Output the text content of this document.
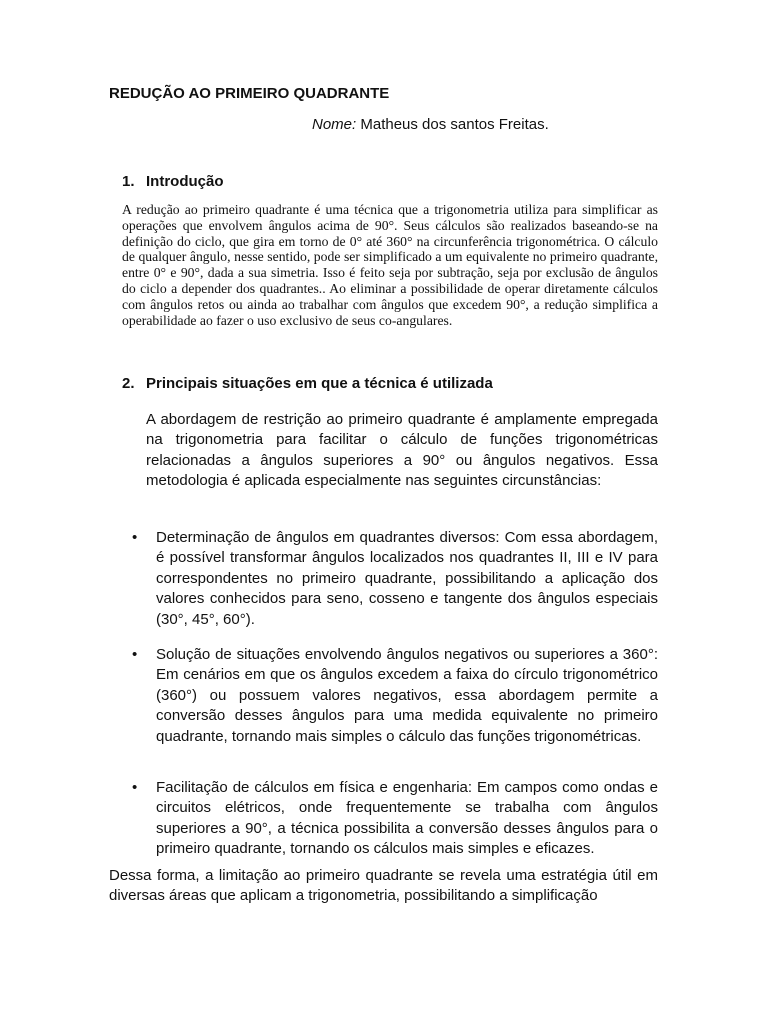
REDUÇÃO AO PRIMEIRO QUADRANTE
Nome: Matheus dos santos Freitas.
1. Introdução
A redução ao primeiro quadrante é uma técnica que a trigonometria utiliza para simplificar as operações que envolvem ângulos acima de 90°. Seus cálculos são realizados baseando-se na definição do ciclo, que gira em torno de 0° até 360° na circunferência trigonométrica. O cálculo de qualquer ângulo, nesse sentido, pode ser simplificado a um equivalente no primeiro quadrante, entre 0° e 90°, dada a sua simetria. Isso é feito seja por subtração, seja por exclusão de ângulos do ciclo a depender dos quadrantes.. Ao eliminar a possibilidade de operar diretamente cálculos com ângulos retos ou ainda ao trabalhar com ângulos que excedem 90°, a redução simplifica a operabilidade ao fazer o uso exclusivo de seus co-angulares.
2. Principais situações em que a técnica é utilizada
A abordagem de restrição ao primeiro quadrante é amplamente empregada na trigonometria para facilitar o cálculo de funções trigonométricas relacionadas a ângulos superiores a 90° ou ângulos negativos. Essa metodologia é aplicada especialmente nas seguintes circunstâncias:
• Determinação de ângulos em quadrantes diversos: Com essa abordagem, é possível transformar ângulos localizados nos quadrantes II, III e IV para correspondentes no primeiro quadrante, possibilitando a aplicação dos valores conhecidos para seno, cosseno e tangente dos ângulos especiais (30°, 45°, 60°).
• Solução de situações envolvendo ângulos negativos ou superiores a 360°: Em cenários em que os ângulos excedem a faixa do círculo trigonométrico (360°) ou possuem valores negativos, essa abordagem permite a conversão desses ângulos para uma medida equivalente no primeiro quadrante, tornando mais simples o cálculo das funções trigonométricas.
• Facilitação de cálculos em física e engenharia: Em campos como ondas e circuitos elétricos, onde frequentemente se trabalha com ângulos superiores a 90°, a técnica possibilita a conversão desses ângulos para o primeiro quadrante, tornando os cálculos mais simples e eficazes.
Dessa forma, a limitação ao primeiro quadrante se revela uma estratégia útil em diversas áreas que aplicam a trigonometria, possibilitando a simplificação
